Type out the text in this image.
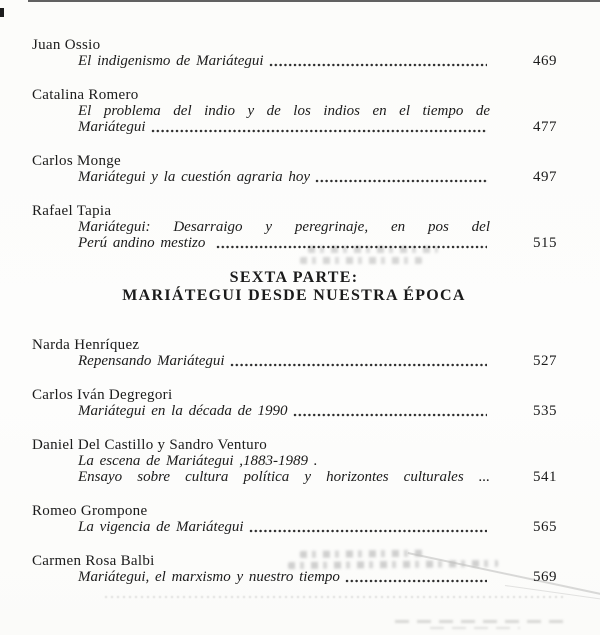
Juan Ossio
El indigenismo de Mariátegui	469
Catalina Romero
El problema del indio y de los indios en el tiempo de
Mariátegui	477
Carlos Monge
Mariátegui y la cuestión agraria hoy	497
Rafael Tapia
Mariátegui: Desarraigo y peregrinaje, en pos del
Perú andino mestizo	515
SEXTA PARTE:
MARIÁTEGUI DESDE NUESTRA ÉPOCA
Narda Henríquez
Repensando Mariátegui	527
Carlos Iván Degregori
Mariátegui en la década de 1990	535
Daniel Del Castillo y Sandro Venturo
La escena de Mariátegui ,1883-1989 .
Ensayo sobre cultura política y horizontes culturales ...	541
Romeo Grompone
La vigencia de Mariátegui	565
Carmen Rosa Balbi
Mariátegui, el marxismo y nuestro tiempo	569
